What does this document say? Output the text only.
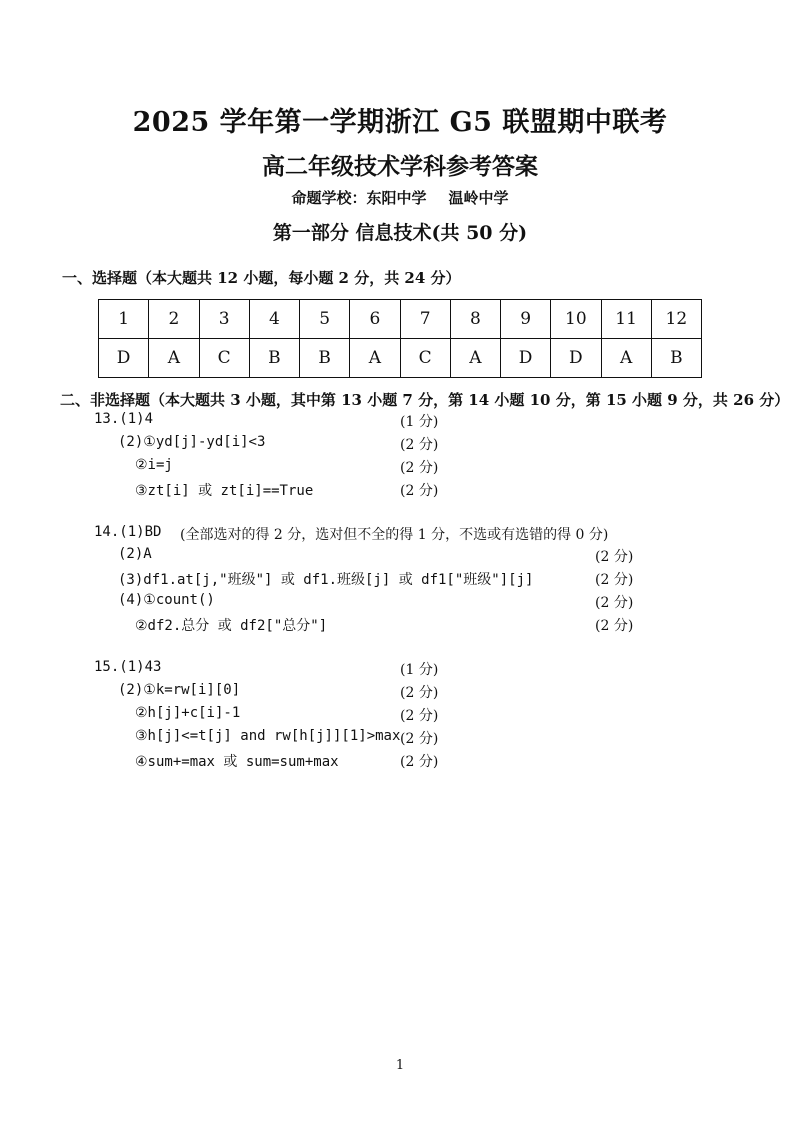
2025 学年第一学期浙江 G5 联盟期中联考
高二年级技术学科参考答案
命题学校：东阳中学 温岭中学
第一部分 信息技术(共 50 分)
一、选择题（本大题共 12 小题，每小题 2 分，共 24 分）
1	2	3	4	5	6	7	8	9	10	11	12
D	A	C	B	B	A	C	A	D	D	A	B
二、非选择题（本大题共 3 小题，其中第 13 小题 7 分，第 14 小题 10 分，第 15 小题 9 分，共 26 分）
13.(1)4	(1 分)
(2)①yd[j]-yd[i]<3	(2 分)
②i=j	(2 分)
③zt[i] 或 zt[i]==True	(2 分)
14.(1)BD (全部选对的得 2 分，选对但不全的得 1 分，不选或有选错的得 0 分)
(2)A	(2 分)
(3)df1.at[j,"班级"] 或 df1.班级[j] 或 df1["班级"][j]	(2 分)
(4)①count()	(2 分)
②df2.总分 或 df2["总分"]	(2 分)
15.(1)43	(1 分)
(2)①k=rw[i][0]	(2 分)
②h[j]+c[i]-1	(2 分)
③h[j]<=t[j] and rw[h[j]][1]>max (2 分)
④sum+=max 或 sum=sum+max	(2 分)
1
